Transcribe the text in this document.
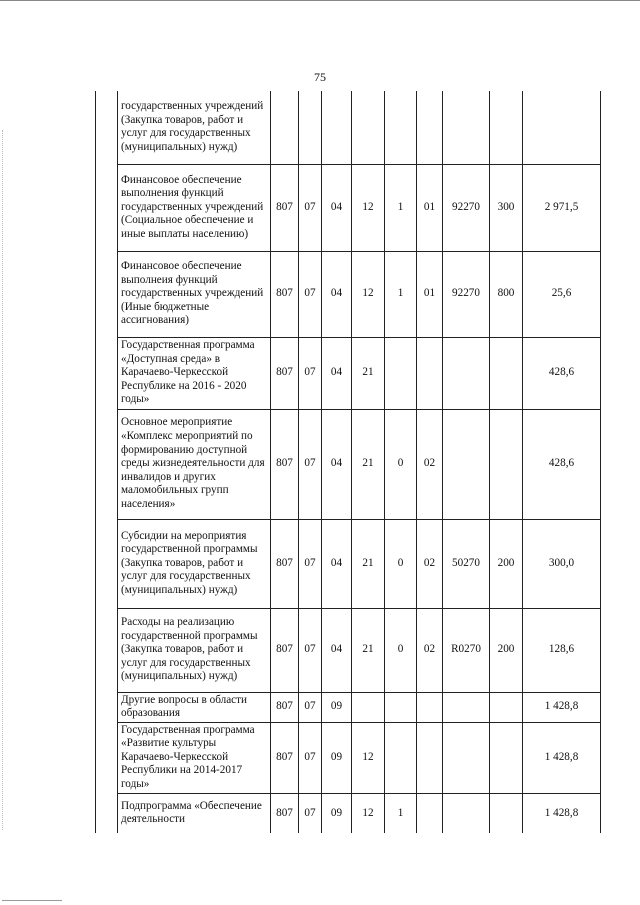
75
	государственных учреждений (Закупка товаров, работ и услуг для государственных (муниципальных) нужд)									
	Финансовое обеспечение выполнения функций государственных учреждений (Социальное обеспечение и иные выплаты населению)	807	07	04	12	1	01	92270	300	2 971,5
	Финансовое обеспечение выполнеия функций государственных учреждений (Иные бюджетные ассигнования)	807	07	04	12	1	01	92270	800	25,6
	Государственная программа «Доступная среда» в Карачаево-Черкесской Республике на 2016 - 2020 годы»	807	07	04	21					428,6
	Основное мероприятие «Комплекс мероприятий по формированию доступной среды жизнедеятельности для инвалидов и других маломобильных групп населения»	807	07	04	21	0	02			428,6
	Субсидии на мероприятия государственной программы (Закупка товаров, работ и услуг для государственных (муниципальных) нужд)	807	07	04	21	0	02	50270	200	300,0
	Расходы на реализацию государственной программы (Закупка товаров, работ и услуг для государственных (муниципальных) нужд)	807	07	04	21	0	02	R0270	200	128,6
	Другие вопросы в области образования	807	07	09						1 428,8
	Государственная программа «Развитие культуры Карачаево-Черкесской Республики на 2014-2017 годы»	807	07	09	12					1 428,8
	Подпрограмма «Обеспечение деятельности	807	07	09	12	1				1 428,8
